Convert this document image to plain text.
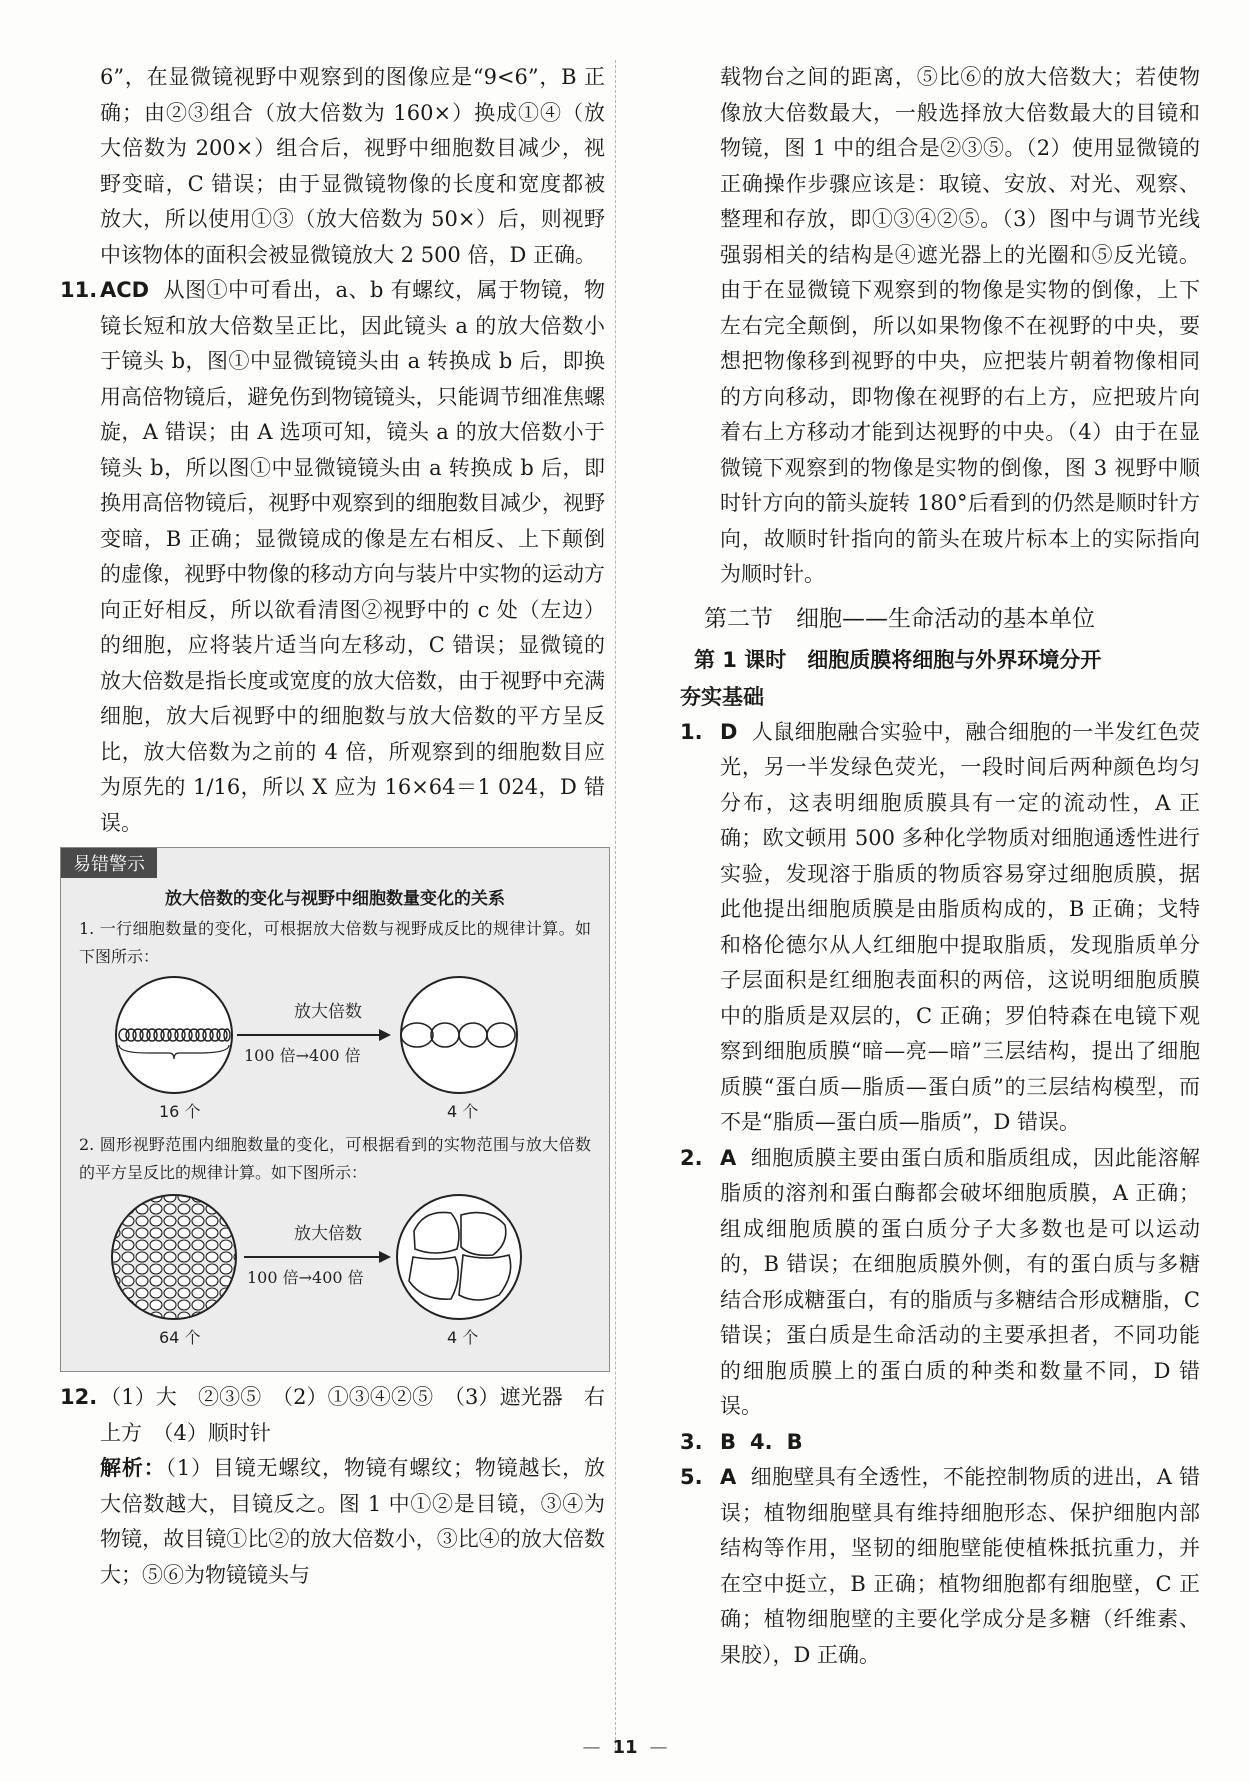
6”，在显微镜视野中观察到的图像应是“9<6”，B 正确；由②③组合（放大倍数为 160×）换成①④（放大倍数为 200×）组合后，视野中细胞数目减少，视野变暗，C 错误；由于显微镜物像的长度和宽度都被放大，所以使用①③（放大倍数为 50×）后，则视野中该物体的面积会被显微镜放大 2 500 倍，D 正确。

11. ACD 从图①中可看出，a、b 有螺纹，属于物镜，物镜长短和放大倍数呈正比，因此镜头 a 的放大倍数小于镜头 b，图①中显微镜镜头由 a 转换成 b 后，即换用高倍物镜后，避免伤到物镜镜头，只能调节细准焦螺旋，A 错误；由 A 选项可知，镜头 a 的放大倍数小于镜头 b，所以图①中显微镜镜头由 a 转换成 b 后，即换用高倍物镜后，视野中观察到的细胞数目减少，视野变暗，B 正确；显微镜成的像是左右相反、上下颠倒的虚像，视野中物像的移动方向与装片中实物的运动方向正好相反，所以欲看清图②视野中的 c 处（左边）的细胞，应将装片适当向左移动，C 错误；显微镜的放大倍数是指长度或宽度的放大倍数，由于视野中充满细胞，放大后视野中的细胞数与放大倍数的平方呈反比，放大倍数为之前的 4 倍，所观察到的细胞数目应为原先的 1/16，所以 X 应为 16×64＝1 024，D 错误。

易错警示
放大倍数的变化与视野中细胞数量变化的关系

1. 一行细胞数量的变化，可根据放大倍数与视野成反比的规律计算。如下图所示：

放大倍数
100 倍→400 倍
16 个	4 个

2. 圆形视野范围内细胞数量的变化，可根据看到的实物范围与放大倍数的平方呈反比的规律计算。如下图所示：

放大倍数
100 倍→400 倍
64 个	4 个

12. （1）大　②③⑤　（2）①③④②⑤　（3）遮光器　右上方　（4）顺时针

解析：（1）目镜无螺纹，物镜有螺纹；物镜越长，放大倍数越大，目镜反之。图 1 中①②是目镜，③④为物镜，故目镜①比②的放大倍数小，③比④的放大倍数大；⑤⑥为物镜镜头与

载物台之间的距离，⑤比⑥的放大倍数大；若使物像放大倍数最大，一般选择放大倍数最大的目镜和物镜，图 1 中的组合是②③⑤。（2）使用显微镜的正确操作步骤应该是：取镜、安放、对光、观察、整理和存放，即①③④②⑤。（3）图中与调节光线强弱相关的结构是④遮光器上的光圈和⑤反光镜。由于在显微镜下观察到的物像是实物的倒像，上下左右完全颠倒，所以如果物像不在视野的中央，要想把物像移到视野的中央，应把装片朝着物像相同的方向移动，即物像在视野的右上方，应把玻片向着右上方移动才能到达视野的中央。（4）由于在显微镜下观察到的物像是实物的倒像，图 3 视野中顺时针方向的箭头旋转 180°后看到的仍然是顺时针方向，故顺时针指向的箭头在玻片标本上的实际指向为顺时针。

第二节　细胞——生命活动的基本单位
第 1 课时　细胞质膜将细胞与外界环境分开
夯实基础

1. D 人鼠细胞融合实验中，融合细胞的一半发红色荧光，另一半发绿色荧光，一段时间后两种颜色均匀分布，这表明细胞质膜具有一定的流动性，A 正确；欧文顿用 500 多种化学物质对细胞通透性进行实验，发现溶于脂质的物质容易穿过细胞质膜，据此他提出细胞质膜是由脂质构成的，B 正确；戈特和格伦德尔从人红细胞中提取脂质，发现脂质单分子层面积是红细胞表面积的两倍，这说明细胞质膜中的脂质是双层的，C 正确；罗伯特森在电镜下观察到细胞质膜“暗—亮—暗”三层结构，提出了细胞质膜“蛋白质—脂质—蛋白质”的三层结构模型，而不是“脂质—蛋白质—脂质”，D 错误。

2. A 细胞质膜主要由蛋白质和脂质组成，因此能溶解脂质的溶剂和蛋白酶都会破坏细胞质膜，A 正确；组成细胞质膜的蛋白质分子大多数也是可以运动的，B 错误；在细胞质膜外侧，有的蛋白质与多糖结合形成糖蛋白，有的脂质与多糖结合形成糖脂，C 错误；蛋白质是生命活动的主要承担者，不同功能的细胞质膜上的蛋白质的种类和数量不同，D 错误。

3. B 4. B

5. A 细胞壁具有全透性，不能控制物质的进出，A 错误；植物细胞壁具有维持细胞形态、保护细胞内部结构等作用，坚韧的细胞壁能使植株抵抗重力，并在空中挺立，B 正确；植物细胞都有细胞壁，C 正确；植物细胞壁的主要化学成分是多糖（纤维素、果胶），D 正确。

— 11 —
